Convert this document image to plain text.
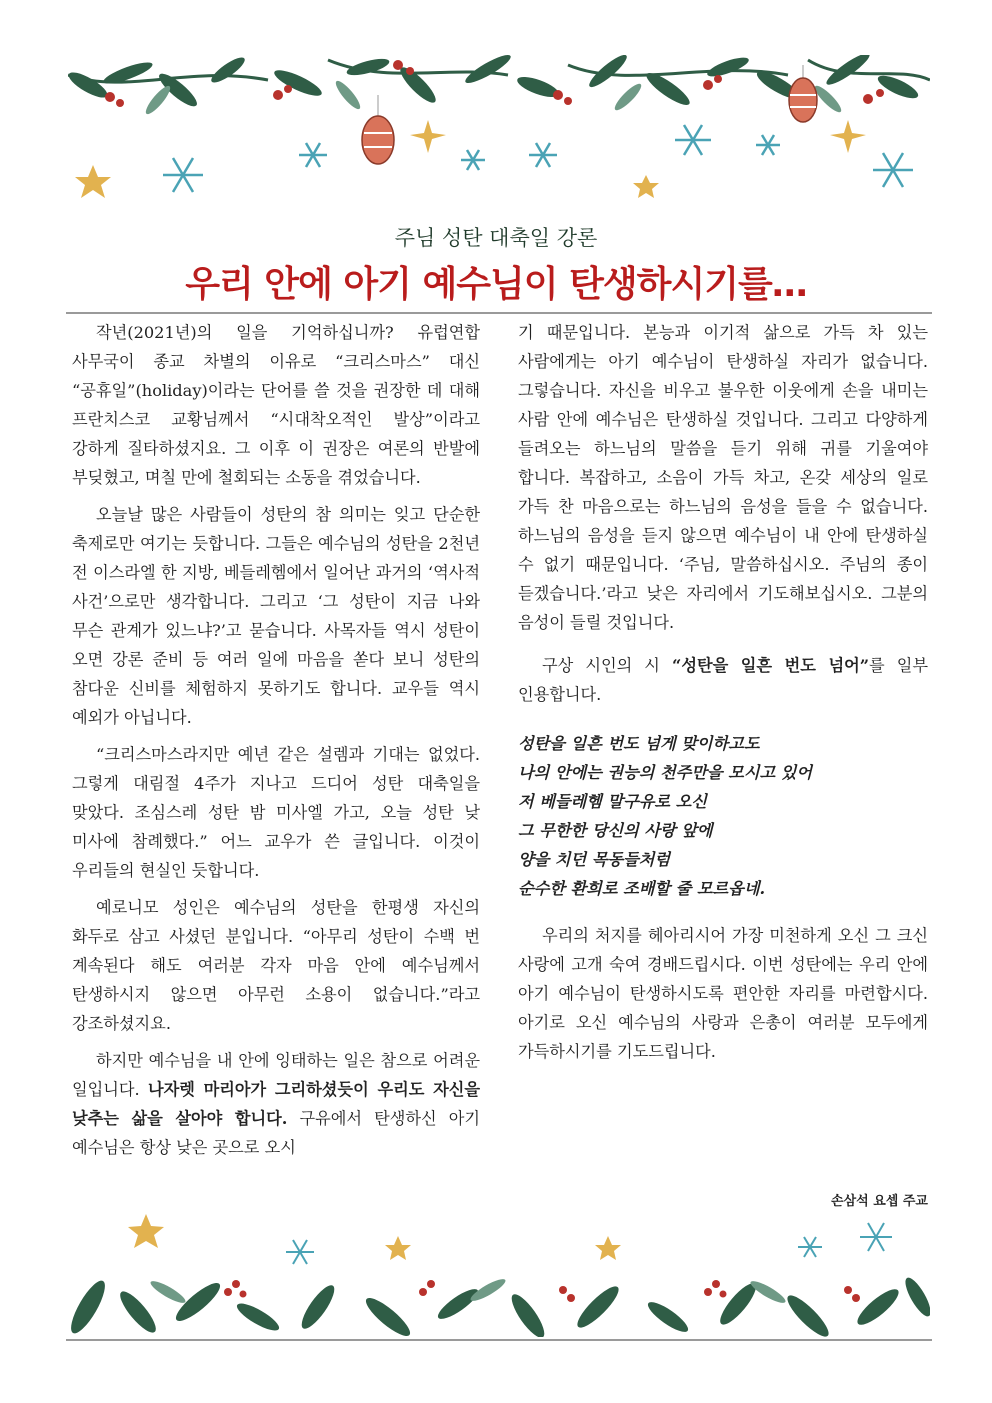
주님 성탄 대축일 강론
우리 안에 아기 예수님이 탄생하시기를…

작년(2021년)의 일을 기억하십니까? 유럽연합 사무국이 종교 차별의 이유로 “크리스마스” 대신 “공휴일”(holiday)이라는 단어를 쓸 것을 권장한 데 대해 프란치스코 교황님께서 “시대착오적인 발상”이라고 강하게 질타하셨지요. 그 이후 이 권장은 여론의 반발에 부딪혔고, 며칠 만에 철회되는 소동을 겪었습니다.

오늘날 많은 사람들이 성탄의 참 의미는 잊고 단순한 축제로만 여기는 듯합니다. 그들은 예수님의 성탄을 2천년 전 이스라엘 한 지방, 베들레헴에서 일어난 과거의 ‘역사적 사건’으로만 생각합니다. 그리고 ‘그 성탄이 지금 나와 무슨 관계가 있느냐?’고 묻습니다. 사목자들 역시 성탄이 오면 강론 준비 등 여러 일에 마음을 쏟다 보니 성탄의 참다운 신비를 체험하지 못하기도 합니다. 교우들 역시 예외가 아닙니다.

“크리스마스라지만 예년 같은 설렘과 기대는 없었다. 그렇게 대림절 4주가 지나고 드디어 성탄 대축일을 맞았다. 조심스레 성탄 밤 미사엘 가고, 오늘 성탄 낮 미사에 참례했다.” 어느 교우가 쓴 글입니다. 이것이 우리들의 현실인 듯합니다.

예로니모 성인은 예수님의 성탄을 한평생 자신의 화두로 삼고 사셨던 분입니다. “아무리 성탄이 수백 번 계속된다 해도 여러분 각자 마음 안에 예수님께서 탄생하시지 않으면 아무런 소용이 없습니다.”라고 강조하셨지요.

하지만 예수님을 내 안에 잉태하는 일은 참으로 어려운 일입니다. 나자렛 마리아가 그리하셨듯이 우리도 자신을 낮추는 삶을 살아야 합니다. 구유에서 탄생하신 아기 예수님은 항상 낮은 곳으로 오시

기 때문입니다. 본능과 이기적 삶으로 가득 차 있는 사람에게는 아기 예수님이 탄생하실 자리가 없습니다. 그렇습니다. 자신을 비우고 불우한 이웃에게 손을 내미는 사람 안에 예수님은 탄생하실 것입니다. 그리고 다양하게 들려오는 하느님의 말씀을 듣기 위해 귀를 기울여야 합니다. 복잡하고, 소음이 가득 차고, 온갖 세상의 일로 가득 찬 마음으로는 하느님의 음성을 들을 수 없습니다. 하느님의 음성을 듣지 않으면 예수님이 내 안에 탄생하실 수 없기 때문입니다. ‘주님, 말씀하십시오. 주님의 종이 듣겠습니다.’라고 낮은 자리에서 기도해보십시오. 그분의 음성이 들릴 것입니다.

구상 시인의 시 “성탄을 일흔 번도 넘어”를 일부 인용합니다.

성탄을 일흔 번도 넘게 맞이하고도
나의 안에는 권능의 천주만을 모시고 있어
저 베들레헴 말구유로 오신
그 무한한 당신의 사랑 앞에
양을 치던 목동들처럼
순수한 환희로 조배할 줄 모르옵네.

우리의 처지를 헤아리시어 가장 미천하게 오신 그 크신 사랑에 고개 숙여 경배드립시다. 이번 성탄에는 우리 안에 아기 예수님이 탄생하시도록 편안한 자리를 마련합시다. 아기로 오신 예수님의 사랑과 은총이 여러분 모두에게 가득하시기를 기도드립니다.

손삼석 요셉 주교
